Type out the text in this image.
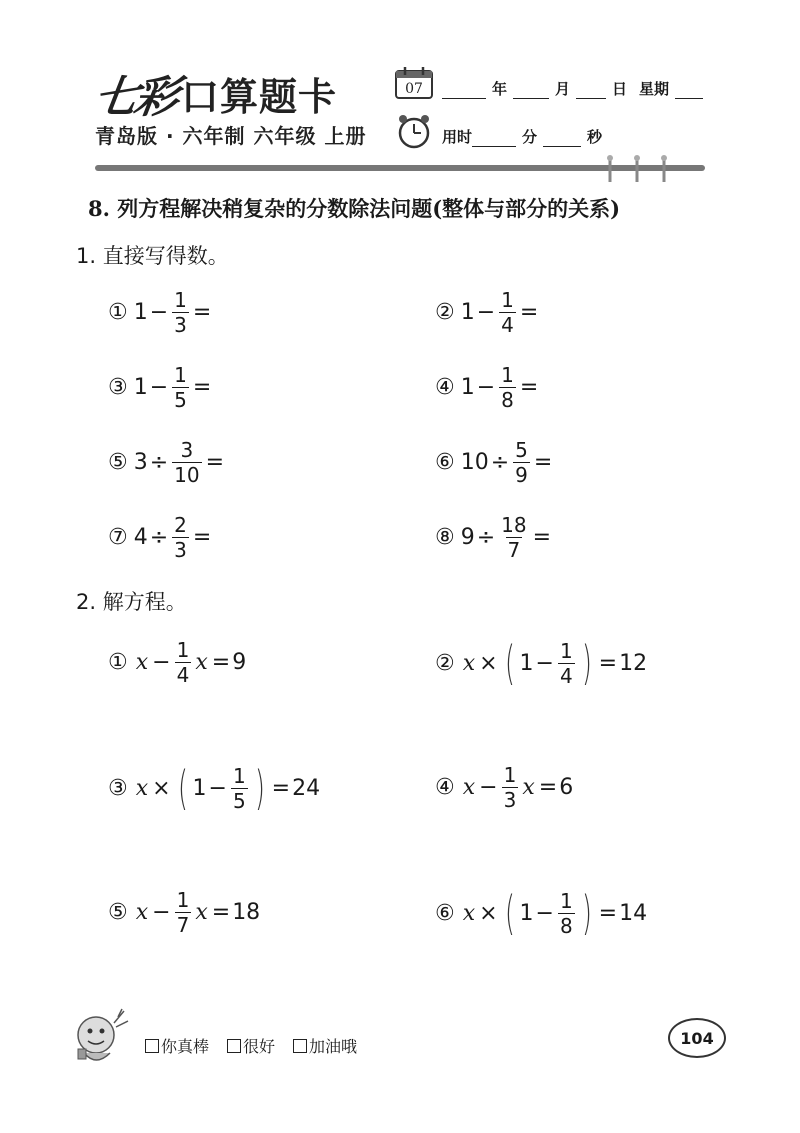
七彩 口算题卡
青岛版 · 六年制 六年级 上册
07	年	月	日 星期
用时	分	秒
8. 列方程解决稍复杂的分数除法问题(整体与部分的关系)
1. 直接写得数。
① $1 - \frac{1}{3}$ =	② $1 - \frac{1}{4}$ =
③ $1 - \frac{1}{5}$ =	④ $1 - \frac{1}{8}$ =
⑤ $3 \div \frac{3}{10}$ =	⑥ $10 \div \frac{5}{9}$ =
⑦ $4 \div \frac{2}{3}$ =	⑧ $9 \div \frac{18}{7}$ =
2. 解方程。
① $x - \frac{1}{4}$ x = 9	② x × ( $1 - \frac{1}{4}$ ) = 12
③ x × ( $1 - \frac{1}{5}$ ) = 24	④ $x - \frac{1}{3}$ x = 6
⑤ $x - \frac{1}{7}$ x = 18	⑥ x × ( $1 - \frac{1}{8}$ ) = 14
你真棒 很好 加油哦	104
